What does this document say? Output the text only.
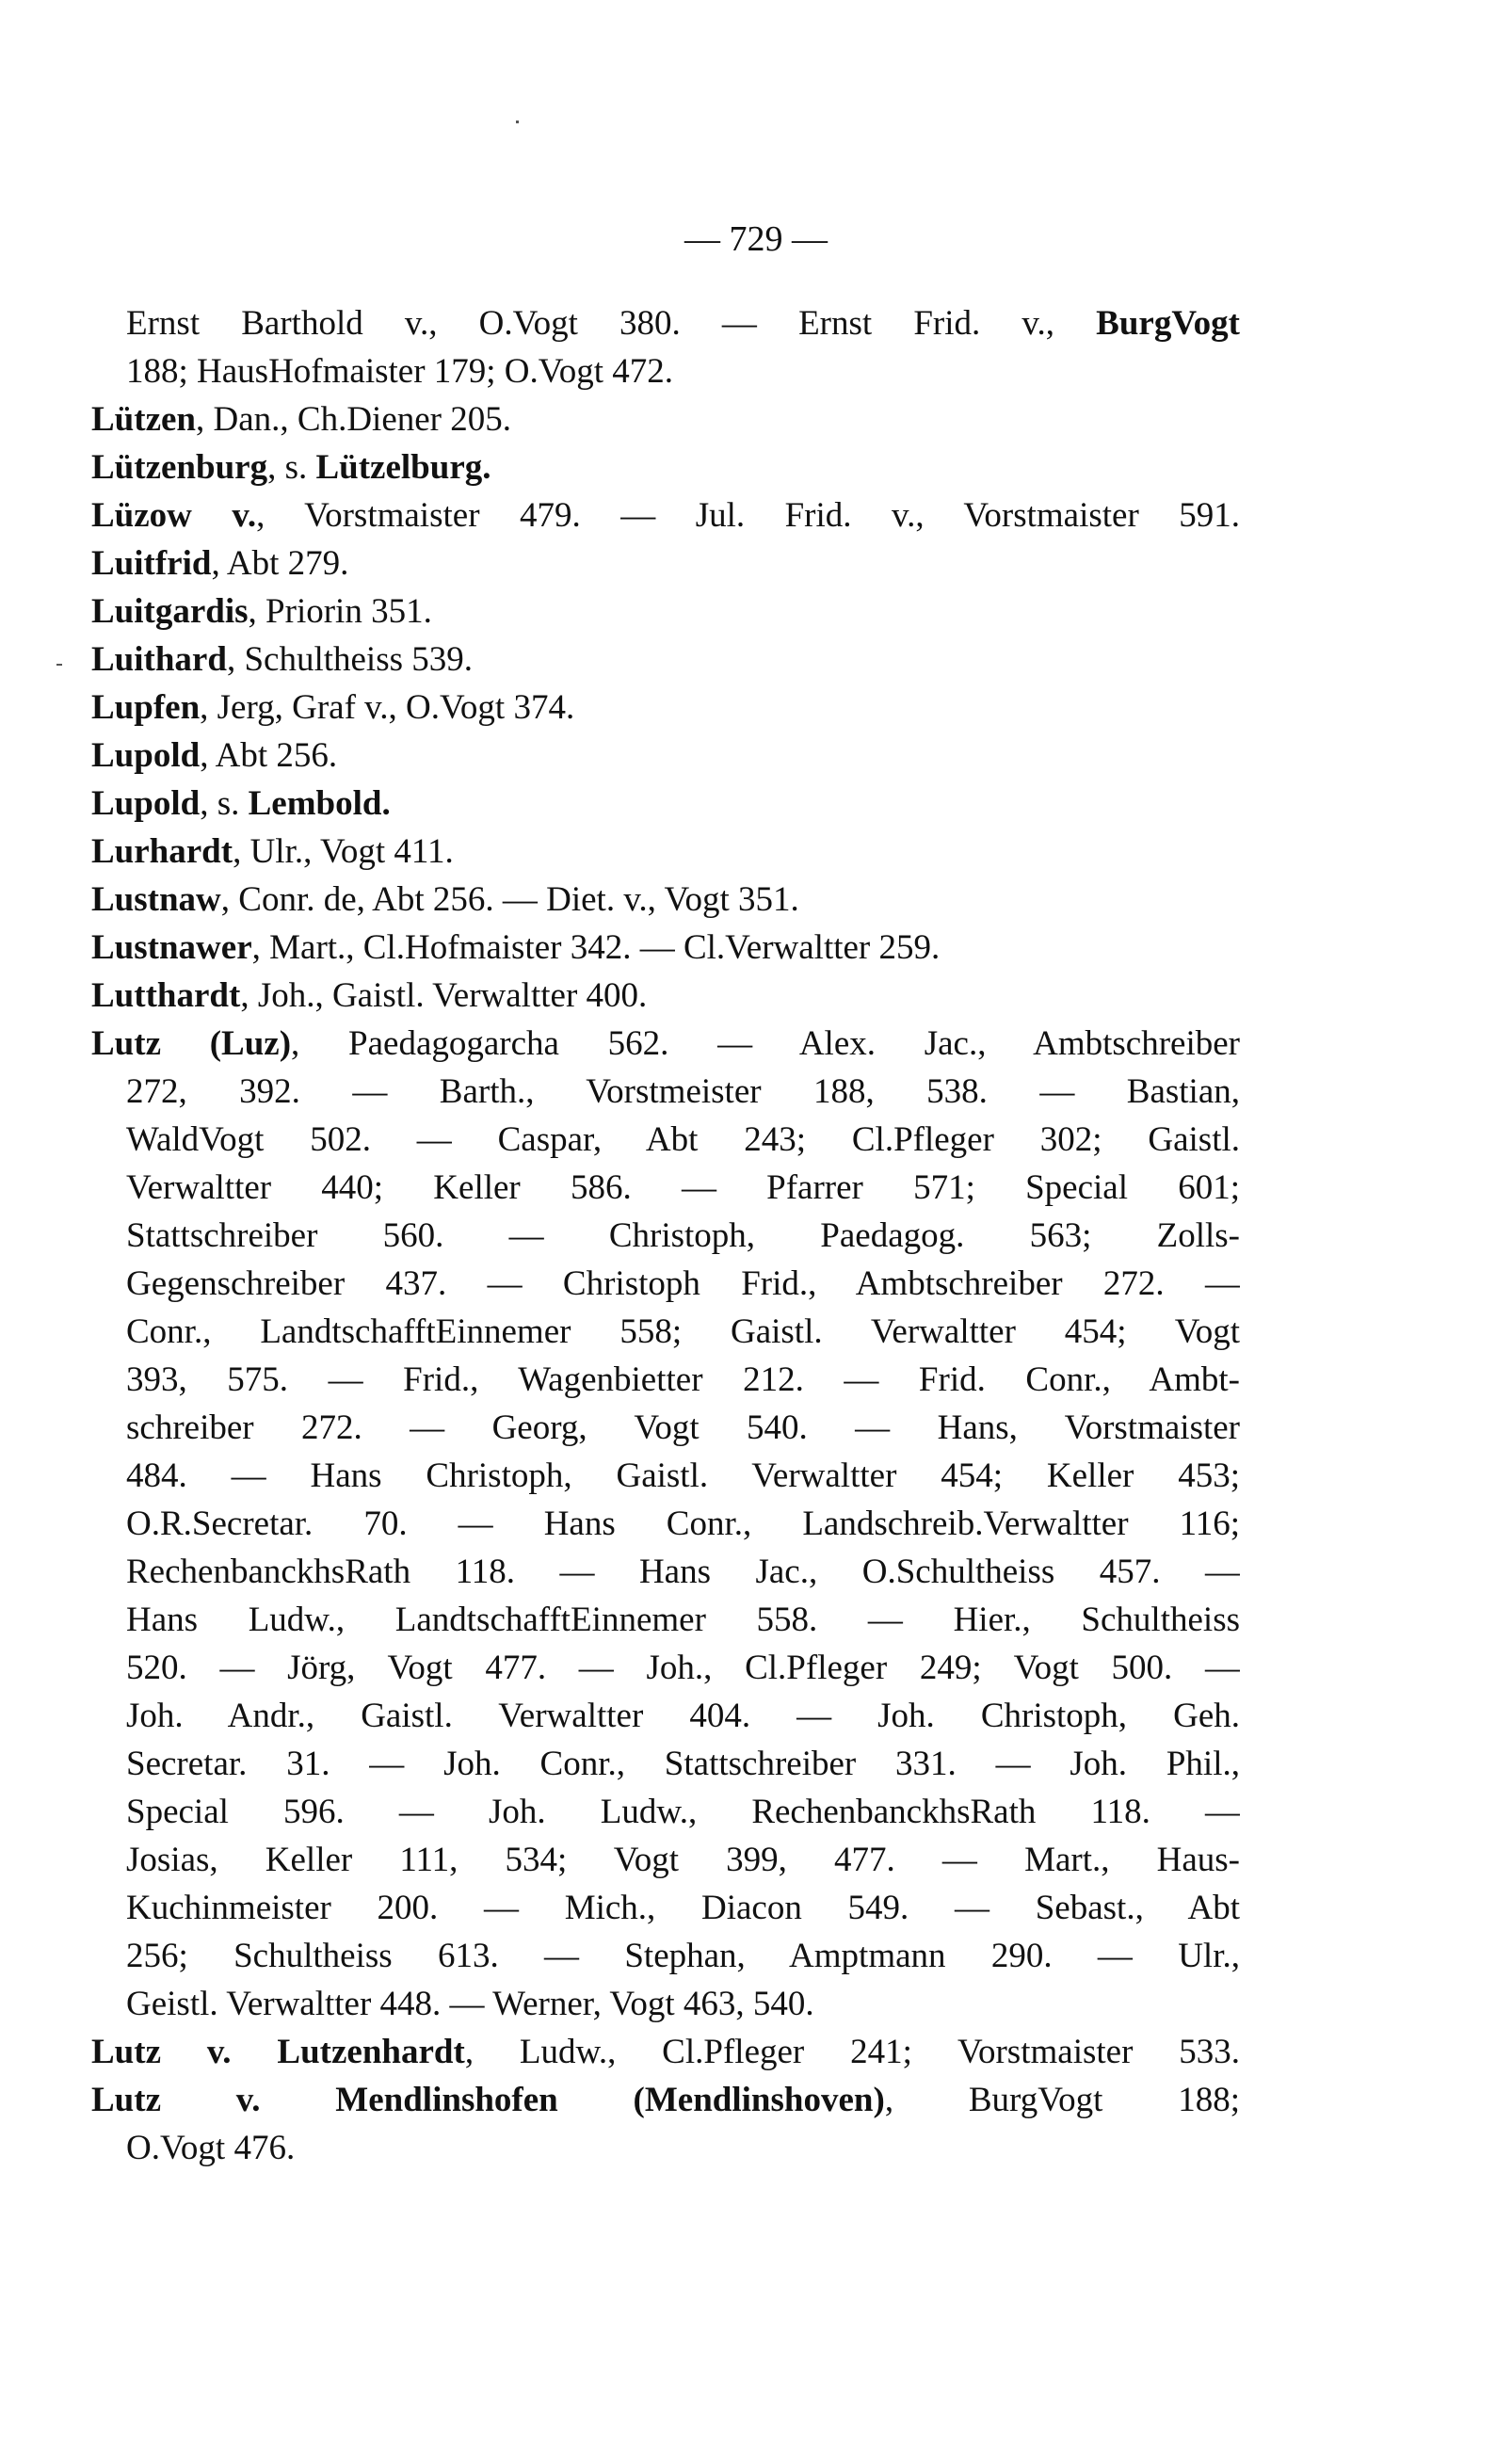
— 729 —
Ernst Barthold v., O.Vogt 380. — Ernst Frid. v., BurgVogt
188; HausHofmaister 179; O.Vogt 472.
Lützen, Dan., Ch.Diener 205.
Lützenburg, s. Lützelburg.
Lüzow v., Vorstmaister 479. — Jul. Frid. v., Vorstmaister 591.
Luitfrid, Abt 279.
Luitgardis, Priorin 351.
Luithard, Schultheiss 539.
Lupfen, Jerg, Graf v., O.Vogt 374.
Lupold, Abt 256.
Lupold, s. Lembold.
Lurhardt, Ulr., Vogt 411.
Lustnaw, Conr. de, Abt 256. — Diet. v., Vogt 351.
Lustnawer, Mart., Cl.Hofmaister 342. — Cl.Verwaltter 259.
Lutthardt, Joh., Gaistl. Verwaltter 400.
Lutz (Luz), Paedagogarcha 562. — Alex. Jac., Ambtschreiber
272, 392. — Barth., Vorstmeister 188, 538. — Bastian,
WaldVogt 502. — Caspar, Abt 243; Cl.Pfleger 302; Gaistl.
Verwaltter 440; Keller 586. — Pfarrer 571; Special 601;
Stattschreiber 560. — Christoph, Paedagog. 563; Zolls-
Gegenschreiber 437. — Christoph Frid., Ambtschreiber 272. —
Conr., LandtschafftEinnemer 558; Gaistl. Verwaltter 454; Vogt
393, 575. — Frid., Wagenbietter 212. — Frid. Conr., Ambt-
schreiber 272. — Georg, Vogt 540. — Hans, Vorstmaister
484. — Hans Christoph, Gaistl. Verwaltter 454; Keller 453;
O.R.Secretar. 70. — Hans Conr., Landschreib.Verwaltter 116;
RechenbanckhsRath 118. — Hans Jac., O.Schultheiss 457. —
Hans Ludw., LandtschafftEinnemer 558. — Hier., Schultheiss
520. — Jörg, Vogt 477. — Joh., Cl.Pfleger 249; Vogt 500. —
Joh. Andr., Gaistl. Verwaltter 404. — Joh. Christoph, Geh.
Secretar. 31. — Joh. Conr., Stattschreiber 331. — Joh. Phil.,
Special 596. — Joh. Ludw., RechenbanckhsRath 118. —
Josias, Keller 111, 534; Vogt 399, 477. — Mart., Haus-
Kuchinmeister 200. — Mich., Diacon 549. — Sebast., Abt
256; Schultheiss 613. — Stephan, Amptmann 290. — Ulr.,
Geistl. Verwaltter 448. — Werner, Vogt 463, 540.
Lutz v. Lutzenhardt, Ludw., Cl.Pfleger 241; Vorstmaister 533.
Lutz v. Mendlinshofen (Mendlinshoven), BurgVogt 188;
O.Vogt 476.
